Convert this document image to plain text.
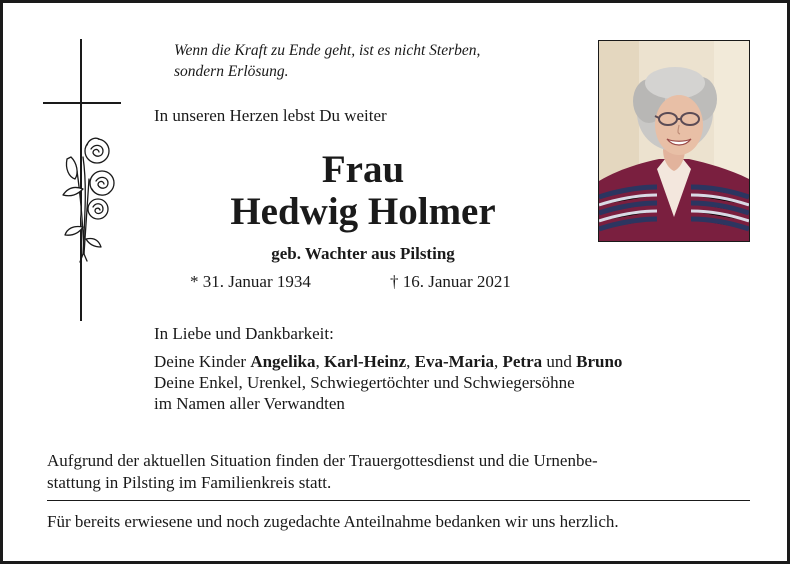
Wenn die Kraft zu Ende geht, ist es nicht Sterben,
sondern Erlösung.
In unseren Herzen lebst Du weiter
Frau
Hedwig Holmer
geb. Wachter aus Pilsting
* 31. Januar 1934	† 16. Januar 2021
In Liebe und Dankbarkeit:
Deine Kinder Angelika, Karl-Heinz, Eva-Maria, Petra und Bruno
Deine Enkel, Urenkel, Schwiegertöchter und Schwiegersöhne
im Namen aller Verwandten
Aufgrund der aktuellen Situation finden der Trauergottesdienst und die Urnenbe-
stattung in Pilsting im Familienkreis statt.
Für bereits erwiesene und noch zugedachte Anteilnahme bedanken wir uns herzlich.
